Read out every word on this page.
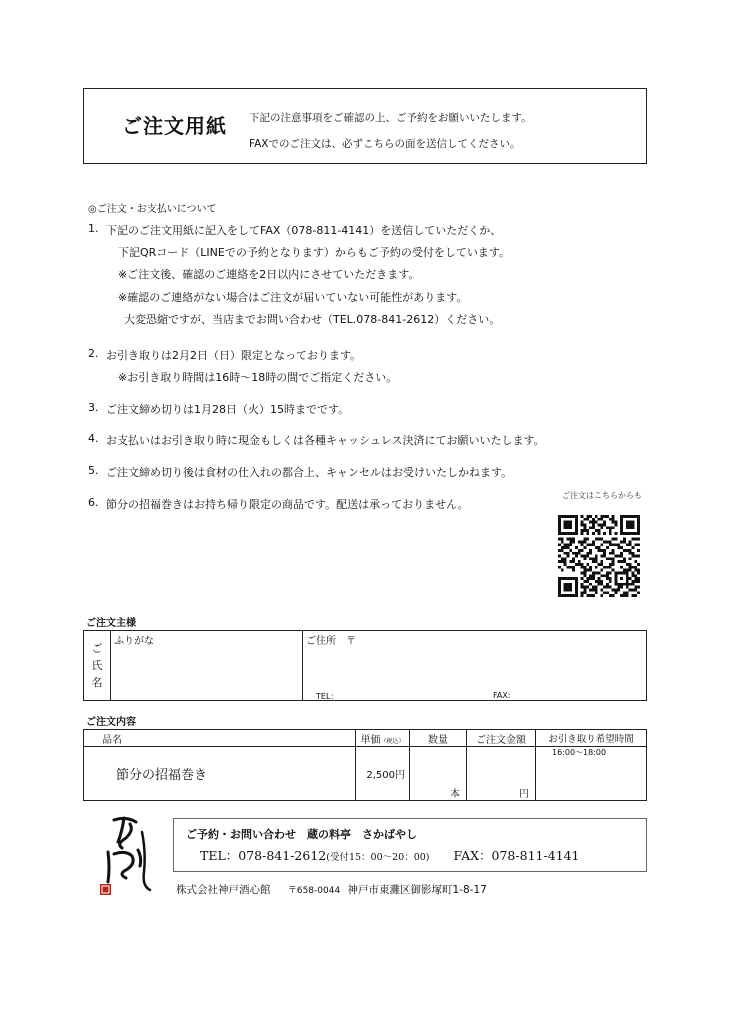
ご注文用紙 下記の注意事項をご確認の上、ご予約をお願いいたします。
FAXでのご注文は、必ずこちらの面を送信してください。
◎ご注文・お支払いについて
1. 下記のご注文用紙に記入をしてFAX（078-811-4141）を送信していただくか、
下記QRコード（LINEでの予約となります）からもご予約の受付をしています。
※ご注文後、確認のご連絡を2日以内にさせていただきます。
※確認のご連絡がない場合はご注文が届いていない可能性があります。
大変恐縮ですが、当店までお問い合わせ（TEL.078-841-2612）ください。
2. お引き取りは2月2日（日）限定となっております。
※お引き取り時間は16時～18時の間でご指定ください。
3. ご注文締め切りは1月28日（火）15時までです。
4. お支払いはお引き取り時に現金もしくは各種キャッシュレス決済にてお願いいたします。
5. ご注文締め切り後は食材の仕入れの都合上、キャンセルはお受けいたしかねます。
6. 節分の招福巻きはお持ち帰り限定の商品です。配送は承っておりません。
ご注文はこちらからも
ご注文主様
ご
氏
名

ふりがな	ご住所　〒
TEL：	FAX:
ご注文内容
品名	単価（税込）	数量	ご注文金額	お引き取り希望時間
節分の招福巻き	2,500円	本	円	16:00～18:00
ご予約・お問い合わせ　蔵の料亭　さかばやし
TEL：078-841-2612(受付15：00～20：00) FAX：078-811-4141
株式会社神戸酒心館 〒658-0044 神戸市東灘区御影塚町1-8-17
